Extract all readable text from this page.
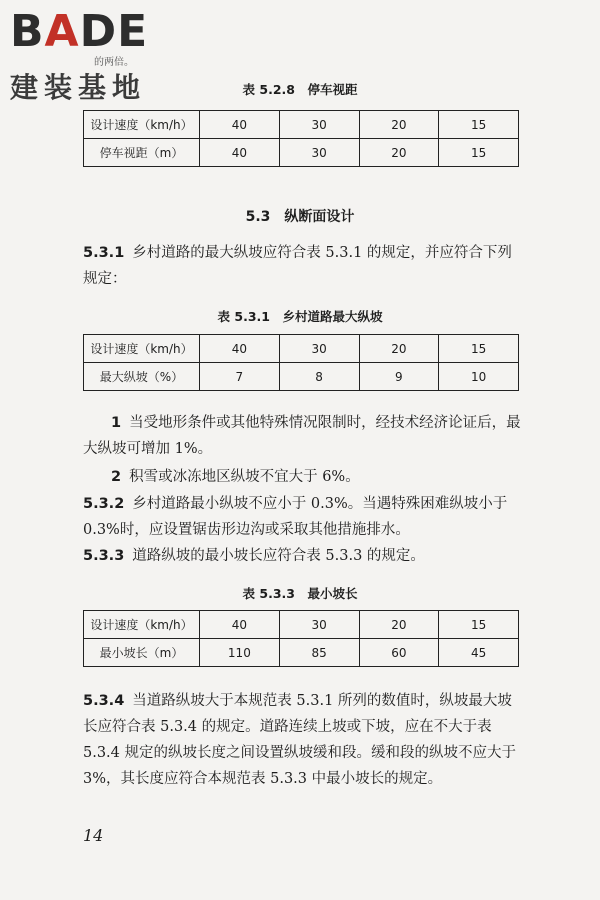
BADE
的两倍。
建装基地	表 5.2.8　停车视距
设计速度（km/h）	40	30	20	15
停车视距（m）	40	30	20	15
5.3　纵断面设计
5.3.1 乡村道路的最大纵坡应符合表 5.3.1 的规定，并应符合下列规定：
表 5.3.1　乡村道路最大纵坡
设计速度（km/h）	40	30	20	15
最大纵坡（%）	7	8	9	10
1 当受地形条件或其他特殊情况限制时，经技术经济论证后，最大纵坡可增加 1%。
2 积雪或冰冻地区纵坡不宜大于 6%。
5.3.2 乡村道路最小纵坡不应小于 0.3%。当遇特殊困难纵坡小于 0.3%时，应设置锯齿形边沟或采取其他措施排水。
5.3.3 道路纵坡的最小坡长应符合表 5.3.3 的规定。
表 5.3.3　最小坡长
设计速度（km/h）	40	30	20	15
最小坡长（m）	110	85	60	45
5.3.4 当道路纵坡大于本规范表 5.3.1 所列的数值时，纵坡最大坡长应符合表 5.3.4 的规定。道路连续上坡或下坡，应在不大于表 5.3.4 规定的纵坡长度之间设置纵坡缓和段。缓和段的纵坡不应大于 3%，其长度应符合本规范表 5.3.3 中最小坡长的规定。
14
